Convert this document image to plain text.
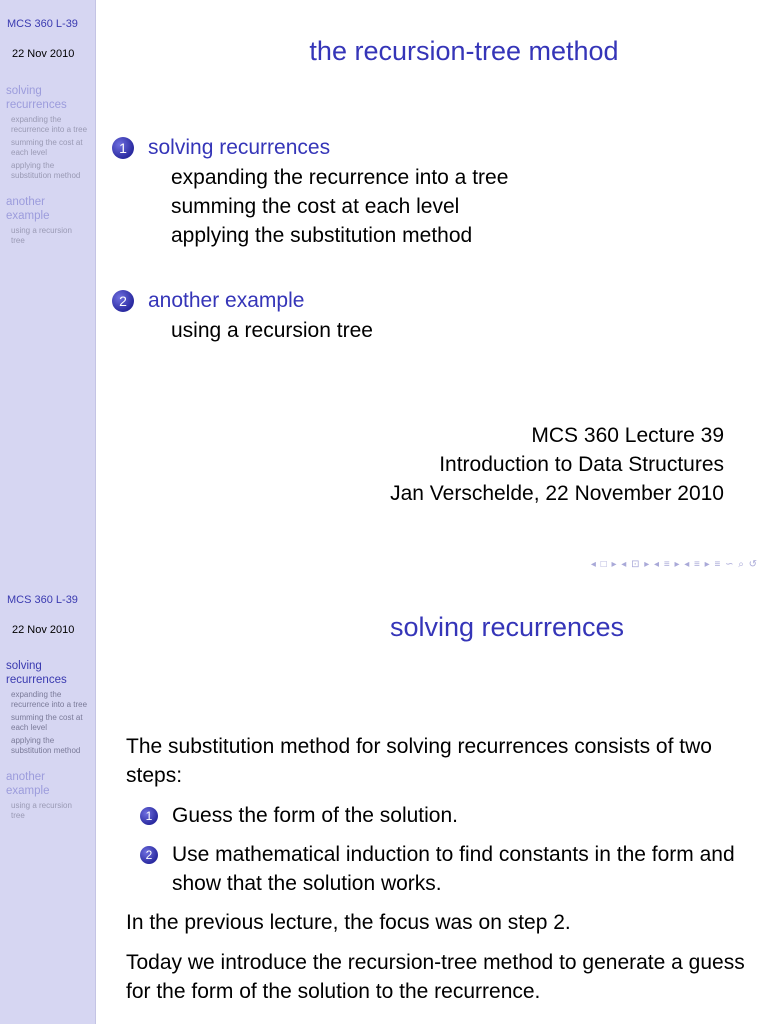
MCS 360 L-39
22 Nov 2010
solving
recurrences
expanding the
recurrence into a tree
summing the cost at
each level
applying the
substitution method
another
example
using a recursion
tree
the recursion-tree method
1	solving recurrences
expanding the recurrence into a tree
summing the cost at each level
applying the substitution method
2	another example
using a recursion tree
MCS 360 Lecture 39
Introduction to Data Structures
Jan Verschelde, 22 November 2010
◂ □ ▸ ◂ ⊡ ▸ ◂ ≡ ▸ ◂ ≡ ▸ ≡ ∽ ⌕ ↺
MCS 360 L-39
22 Nov 2010
solving
recurrences
expanding the
recurrence into a tree
summing the cost at
each level
applying the
substitution method
another
example
using a recursion
tree
solving recurrences

The substitution method for solving recurrences consists of two steps:

1 Guess the form of the solution.
2 Use mathematical induction to find constants in the form and show that the solution works.

In the previous lecture, the focus was on step 2.

Today we introduce the recursion-tree method to generate a guess for the form of the solution to the recurrence.
